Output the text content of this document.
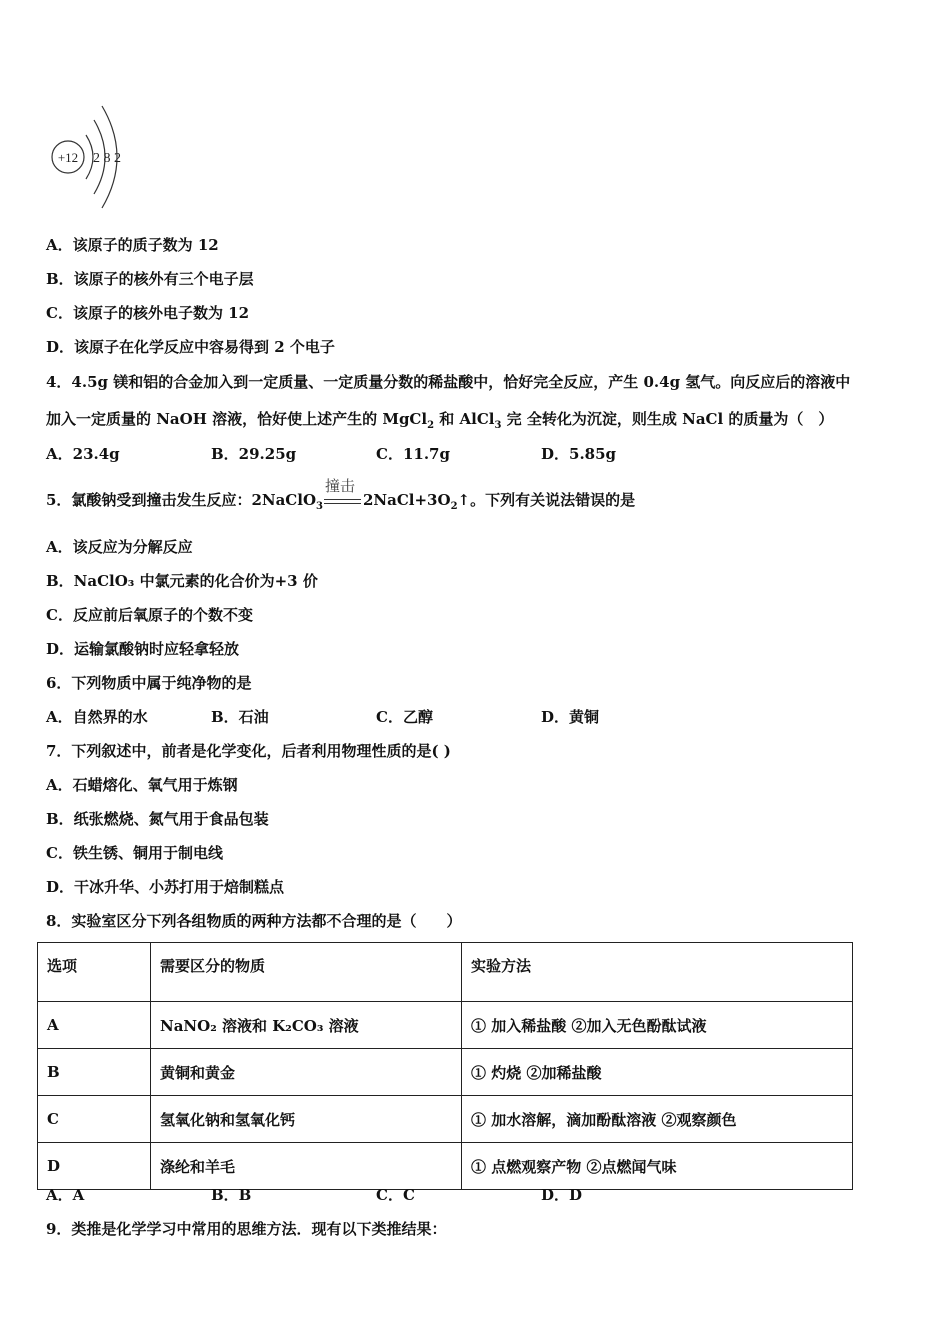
+12 2 8 2
A．该原子的质子数为 12
B．该原子的核外有三个电子层
C．该原子的核外电子数为 12
D．该原子在化学反应中容易得到 2 个电子
4．4.5g 镁和铝的合金加入到一定质量、一定质量分数的稀盐酸中，恰好完全反应，产生 0.4g 氢气。向反应后的溶液中
加入一定质量的 NaOH 溶液，恰好使上述产生的 MgCl$_2$ 和 AlCl$_3$ 完 全转化为沉淀，则生成 NaCl 的质量为（　）
A．23.4g	B．29.25g	C．11.7g	D．5.85g
5．氯酸钠受到撞击发生反应：2NaClO$_3$
撞击
$2NaCl+3O_2↑$。下列有关说法错误的是
A．该反应为分解反应
B．NaClO₃ 中氯元素的化合价为+3 价
C．反应前后氧原子的个数不变
D．运输氯酸钠时应轻拿轻放
6．下列物质中属于纯净物的是
A．自然界的水	B．石油	C．乙醇	D．黄铜
7．下列叙述中，前者是化学变化，后者利用物理性质的是( )
A．石蜡熔化、氧气用于炼钢
B．纸张燃烧、氮气用于食品包装
C．铁生锈、铜用于制电线
D．干冰升华、小苏打用于焙制糕点
8．实验室区分下列各组物质的两种方法都不合理的是（　　）
选项	需要区分的物质	实验方法
A	NaNO₂ 溶液和 K₂CO₃ 溶液	① 加入稀盐酸 ②加入无色酚酞试液
B	黄铜和黄金	① 灼烧 ②加稀盐酸
C	氢氧化钠和氢氧化钙	① 加水溶解，滴加酚酞溶液 ②观察颜色
D	涤纶和羊毛	① 点燃观察产物 ②点燃闻气味
A．A	B．B	C．C	D．D
9．类推是化学学习中常用的思维方法．现有以下类推结果：
